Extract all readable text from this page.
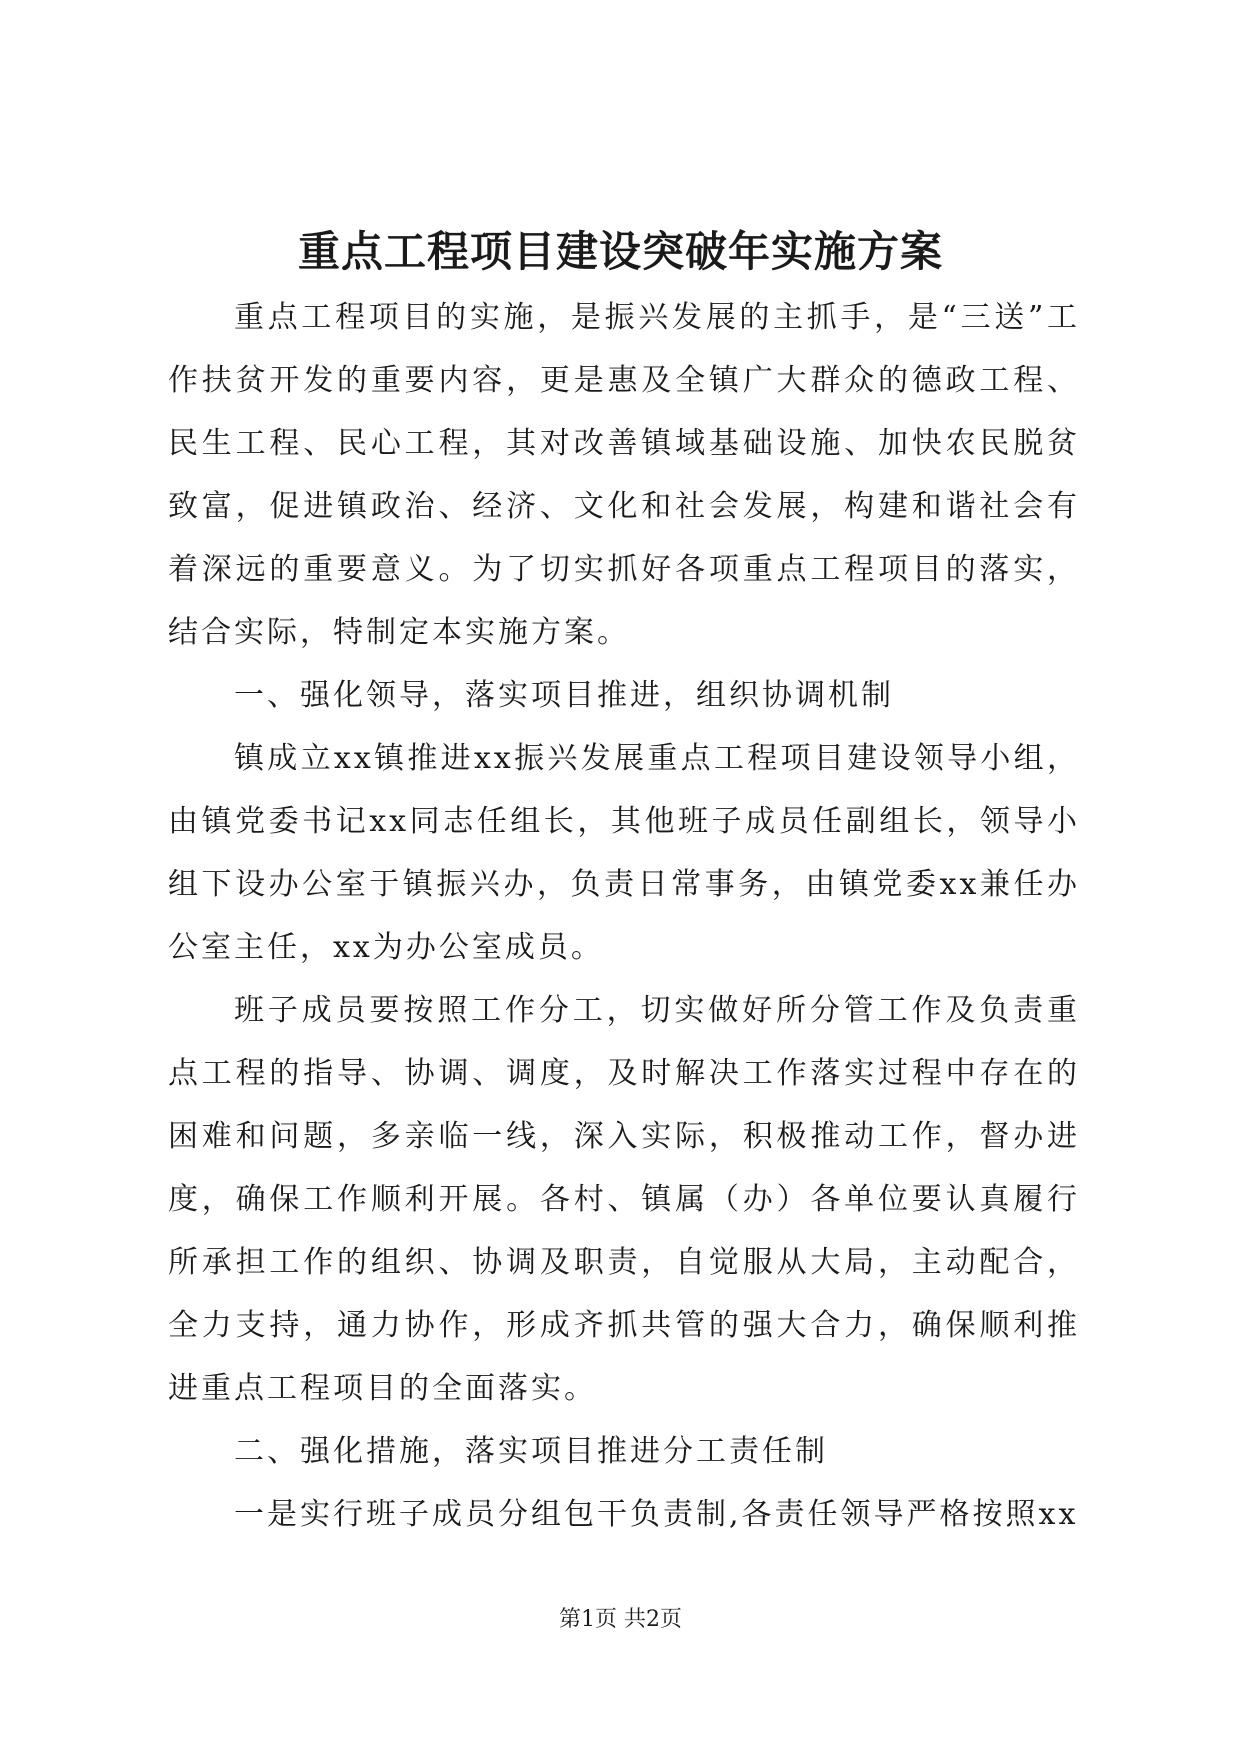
重点工程项目建设突破年实施方案

重点工程项目的实施，是振兴发展的主抓手，是“三送”工作扶贫开发的重要内容，更是惠及全镇广大群众的德政工程、民生工程、民心工程，其对改善镇域基础设施、加快农民脱贫致富，促进镇政治、经济、文化和社会发展，构建和谐社会有着深远的重要意义。为了切实抓好各项重点工程项目的落实，结合实际，特制定本实施方案。

一、强化领导，落实项目推进，组织协调机制

镇成立xx镇推进xx振兴发展重点工程项目建设领导小组，由镇党委书记xx同志任组长，其他班子成员任副组长，领导小组下设办公室于镇振兴办，负责日常事务，由镇党委xx兼任办公室主任，xx为办公室成员。

班子成员要按照工作分工，切实做好所分管工作及负责重点工程的指导、协调、调度，及时解决工作落实过程中存在的困难和问题，多亲临一线，深入实际，积极推动工作，督办进度，确保工作顺利开展。各村、镇属（办）各单位要认真履行所承担工作的组织、协调及职责，自觉服从大局，主动配合，全力支持，通力协作，形成齐抓共管的强大合力，确保顺利推进重点工程项目的全面落实。

二、强化措施，落实项目推进分工责任制

一是实行班子成员分组包干负责制,各责任领导严格按照xx

第1页 共2页
